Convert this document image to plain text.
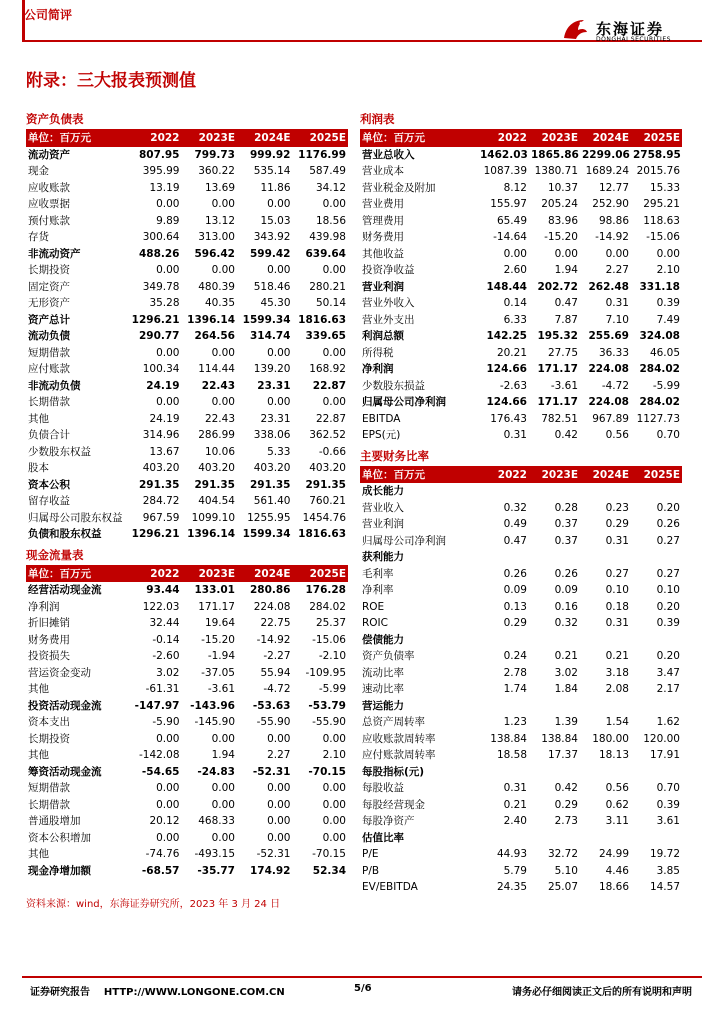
公司简评
东海证券
DONGHAI SECURITIES
附录：三大报表预测值
资产负债表
单位：百万元	2022	2023E	2024E	2025E
流动资产	807.95	799.73	999.92	1176.99
现金	395.99	360.22	535.14	587.49
应收账款	13.19	13.69	11.86	34.12
应收票据	0.00	0.00	0.00	0.00
预付账款	9.89	13.12	15.03	18.56
存货	300.64	313.00	343.92	439.98
非流动资产	488.26	596.42	599.42	639.64
长期投资	0.00	0.00	0.00	0.00
固定资产	349.78	480.39	518.46	280.21
无形资产	35.28	40.35	45.30	50.14
资产总计	1296.21	1396.14	1599.34	1816.63
流动负债	290.77	264.56	314.74	339.65
短期借款	0.00	0.00	0.00	0.00
应付账款	100.34	114.44	139.20	168.92
非流动负债	24.19	22.43	23.31	22.87
长期借款	0.00	0.00	0.00	0.00
其他	24.19	22.43	23.31	22.87
负债合计	314.96	286.99	338.06	362.52
少数股东权益	13.67	10.06	5.33	-0.66
股本	403.20	403.20	403.20	403.20
资本公积	291.35	291.35	291.35	291.35
留存收益	284.72	404.54	561.40	760.21
归属母公司股东权益	967.59	1099.10	1255.95	1454.76
负债和股东权益	1296.21	1396.14	1599.34	1816.63
现金流量表
单位：百万元	2022	2023E	2024E	2025E
经营活动现金流	93.44	133.01	280.86	176.28
净利润	122.03	171.17	224.08	284.02
折旧摊销	32.44	19.64	22.75	25.37
财务费用	-0.14	-15.20	-14.92	-15.06
投资损失	-2.60	-1.94	-2.27	-2.10
营运资金变动	3.02	-37.05	55.94	-109.95
其他	-61.31	-3.61	-4.72	-5.99
投资活动现金流	-147.97	-143.96	-53.63	-53.79
资本支出	-5.90	-145.90	-55.90	-55.90
长期投资	0.00	0.00	0.00	0.00
其他	-142.08	1.94	2.27	2.10
筹资活动现金流	-54.65	-24.83	-52.31	-70.15
短期借款	0.00	0.00	0.00	0.00
长期借款	0.00	0.00	0.00	0.00
普通股增加	20.12	468.33	0.00	0.00
资本公积增加	0.00	0.00	0.00	0.00
其他	-74.76	-493.15	-52.31	-70.15
现金净增加额	-68.57	-35.77	174.92	52.34
利润表
单位：百万元	2022	2023E	2024E	2025E
营业总收入	1462.03	1865.86	2299.06	2758.95
营业成本	1087.39	1380.71	1689.24	2015.76
营业税金及附加	8.12	10.37	12.77	15.33
营业费用	155.97	205.24	252.90	295.21
管理费用	65.49	83.96	98.86	118.63
财务费用	-14.64	-15.20	-14.92	-15.06
其他收益	0.00	0.00	0.00	0.00
投资净收益	2.60	1.94	2.27	2.10
营业利润	148.44	202.72	262.48	331.18
营业外收入	0.14	0.47	0.31	0.39
营业外支出	6.33	7.87	7.10	7.49
利润总额	142.25	195.32	255.69	324.08
所得税	20.21	27.75	36.33	46.05
净利润	124.66	171.17	224.08	284.02
少数股东损益	-2.63	-3.61	-4.72	-5.99
归属母公司净利润	124.66	171.17	224.08	284.02
EBITDA	176.43	782.51	967.89	1127.73
EPS(元)	0.31	0.42	0.56	0.70
主要财务比率
单位：百万元	2022	2023E	2024E	2025E
成长能力				
营业收入	0.32	0.28	0.23	0.20
营业利润	0.49	0.37	0.29	0.26
归属母公司净利润	0.47	0.37	0.31	0.27
获利能力				
毛利率	0.26	0.26	0.27	0.27
净利率	0.09	0.09	0.10	0.10
ROE	0.13	0.16	0.18	0.20
ROIC	0.29	0.32	0.31	0.39
偿债能力				
资产负债率	0.24	0.21	0.21	0.20
流动比率	2.78	3.02	3.18	3.47
速动比率	1.74	1.84	2.08	2.17
营运能力				
总资产周转率	1.23	1.39	1.54	1.62
应收账款周转率	138.84	138.84	180.00	120.00
应付账款周转率	18.58	17.37	18.13	17.91
每股指标(元)				
每股收益	0.31	0.42	0.56	0.70
每股经营现金	0.21	0.29	0.62	0.39
每股净资产	2.40	2.73	3.11	3.61
估值比率				
P/E	44.93	32.72	24.99	19.72
P/B	5.79	5.10	4.46	3.85
EV/EBITDA	24.35	25.07	18.66	14.57
资料来源：wind，东海证券研究所，2023 年 3 月 24 日
证券研究报告    HTTP://WWW.LONGONE.COM.CN	5/6	请务必仔细阅读正文后的所有说明和声明
